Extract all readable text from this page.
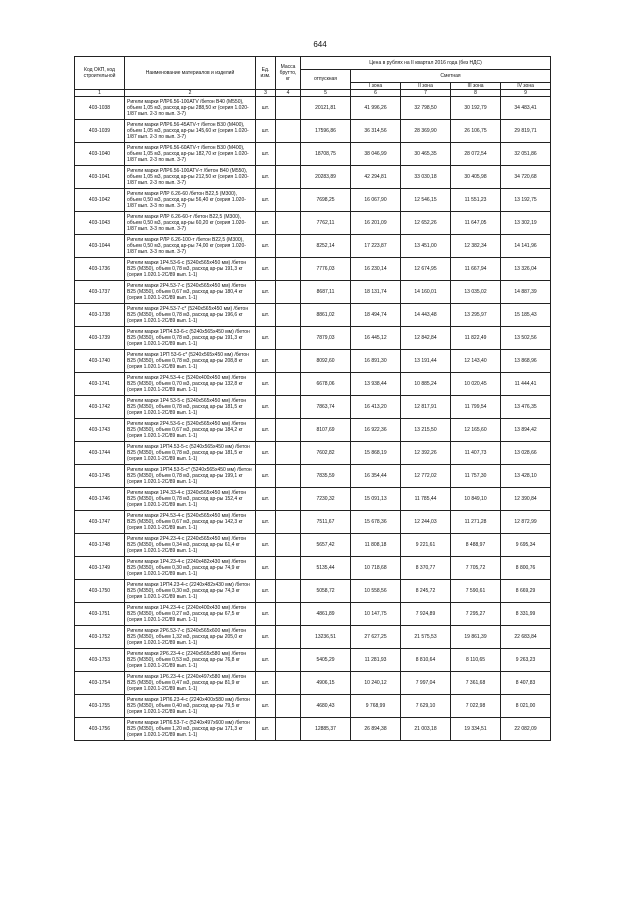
644
Код ОКП, код строительной	Наименование материалов и изделий	Ед. изм.	Масса брутто, кг	Цена в рублях на II квартал 2016 года (без НДС)				
				отпускная	Сметная			
					I зона	II зона	III зона	IV зона
1	2	3	4	5	6	7	8	9
403-1038	Ригели марки РЛР6.56-100АТV /бетон В40 (М550), объем 1,05 м3, расход ар-ры 288,50 кг (серия 1.020-1/87 вып. 2-3 по вып. 3-7)	шт.		20121,81	41 996,26	32 798,50	30 192,79	34 483,41
403-1039	Ригели марки РЛР6.56-45АТV-т /бетон В30 (М400), объем 1,05 м3, расход ар-ры 145,60 кг (серия 1.020-1/87 вып. 2-3 по вып. 3-7)	шт.		17596,86	36 314,56	28 369,90	26 106,75	29 819,71
403-1040	Ригели марки РЛР6.56-60АТV-т /бетон В30 (М400), объем 1,05 м3, расход ар-ры 182,70 кг (серия 1.020-1/87 вып. 2-3 по вып. 3-7)	шт.		18708,75	38 046,99	30 465,35	28 072,54	32 051,86
403-1041	Ригели марки РЛР6.56-100АТV-т /бетон В40 (М550), объем 1,05 м3, расход ар-ры 212,50 кг (серия 1.020-1/87 вып. 2-3 по вып. 3-7)	шт.		20283,89	42 294,81	33 030,18	30 405,98	34 720,68
403-1042	Ригели марки РЛР 6.26-60 /бетон В22,5 (М300), объем 0,50 м3, расход ар-ры 56,40 кг (серия 1.020-1/87 вып. 3-3 по вып. 3-7)	шт.		7698,25	16 067,90	12 546,15	11 551,23	13 192,75
403-1043	Ригели марки РЛР 6.26-60-т /бетон В22,5 (М300), объем 0,50 м3, расход ар-ры 60,20 кг (серия 1.020-1/87 вып. 3-3 по вып. 3-7)	шт.		7762,11	16 201,09	12 652,26	11 647,05	13 302,19
403-1044	Ригели марки РЛР 6.26-100-т /бетон В22,5 (М300), объем 0,50 м3, расход ар-ры 74,00 кг (серия 1.020-1/87 вып. 3-3 по вып. 3-7)	шт.		8252,14	17 223,87	13 451,00	12 382,34	14 141,96
403-1736	Ригели марки 1Р4.53-6-с (5240х565х450 мм) /бетон В25 (М350), объем 0,78 м3, расход ар-ры 191,3 кг (серия 1.020.1-2С/89 вып. 1-1)	шт.		7776,03	16 230,14	12 674,95	11 667,94	13 326,04
403-1737	Ригели марки 2Р4.53-7-с (5240х565х450 мм) /бетон В25 (М350), объем 0,67 м3, расход ар-ры 180,4 кг (серия 1.020.1-2С/89 вып. 1-1)	шт.		8687,11	18 131,74	14 160,01	13 035,02	14 887,39
403-1738	Ригели марки 2Р4.53-7-с* (5240х565х450 мм) /бетон В25 (М350), объем 0,78 м3, расход ар-ры 196,6 кг (серия 1.020.1-2С/89 вып. 1-1)	шт.		8861,02	18 494,74	14 443,48	13 295,97	15 185,43
403-1739	Ригели марки 1РП4.53-6-с (5240х565х450 мм) /бетон В25 (М350), объем 0,78 м3, расход ар-ры 191,3 кг (серия 1.020.1-2С/89 вып. 1-1)	шт.		7879,03	16 445,12	12 842,84	11 822,49	13 502,56
403-1740	Ригели марки 1РП 53-6-с* (5240х565х450 мм) /бетон В25 (М350), объем 0,78 м3, расход ар-ры 208,8 кг (серия 1.020.1-2С/89 вып. 1-1)	шт.		8092,60	16 891,30	13 191,44	12 143,40	13 868,96
403-1741	Ригели марки 2Р4.53-4-с (5240х400х450 мм) /бетон В25 (М350), объем 0,70 м3, расход ар-ры 132,8 кг (серия 1.020.1-2С/89 вып. 1-1)	шт.		6678,06	13 938,44	10 885,24	10 020,45	11 444,41
403-1742	Ригели марки 1Р4 53-5-с (5240х565х450 мм) /бетон В25 (М350), объем 0,78 м3, расход ар-ры 181,5 кг (серия 1.020.1-2С/89 вып. 1-1)	шт.		7863,74	16 413,20	12 817,91	11 799,54	13 476,35
403-1743	Ригели марки 2Р4.53-6-с (5240х565х450 мм) /бетон В25 (М350), объем 0,67 м3, расход ар-ры 184,2 кг (серия 1.020.1-2С/89 вып. 1-1)	шт.		8107,69	16 922,36	13 215,50	12 165,60	13 894,42
403-1744	Ригели марки 1РП4.53-5-с (5240х565х450 мм) /бетон В25 (М350), объем 0,78 м3, расход ар-ры 181,5 кг (серия 1.020.1-2С/89 вып. 1-1)	шт.		7602,82	15 868,19	12 392,26	11 407,73	13 028,66
403-1745	Ригели марки 1РП4.53-5-с* (5240х565х450 мм) /бетон В25 (М350), объем 0,78 м3, расход ар-ры 199,1 кг (серия 1.020.1-2С/89 вып. 1-1)	шт.		7835,59	16 354,44	12 772,02	11 757,30	13 428,10
403-1746	Ригели марки 1Р4.33-4-с (3240х565х450 мм) /бетон В25 (М350), объем 0,78 м3, расход ар-ры 152,4 кг (серия 1.020.1-2С/89 вып. 1-1)	шт.		7230,32	15 091,13	11 785,44	10 849,10	12 390,84
403-1747	Ригели марки 2Р4.53-4-с (5240х565х450 мм) /бетон В25 (М350), объем 0,67 м3, расход ар-ры 142,3 кг (серия 1.020.1-2С/89 вып. 1-1)	шт.		7511,67	15 678,36	12 244,03	11 271,28	12 872,99
403-1748	Ригели марки 2Р4.23-4-с (2240х565х450 мм) /бетон В25 (М350), объем 0,34 м3, расход ар-ры 61,4 кг (серия 1.020.1-2С/89 вып. 1-1)	шт.		5657,42	11 808,18	9 221,61	8 488,97	9 695,34
403-1749	Ригели марки 1Р4.23-4-с (2240х482х430 мм) /бетон В25 (М350), объем 0,30 м3, расход ар-ры 74,9 кг (серия 1.020.1-2С/89 вып. 1-1)	шт.		5135,44	10 718,68	8 370,77	7 705,72	8 800,76
403-1750	Ригели марки 1РП4.23-4-с (2240х482х430 мм) /бетон В25 (М350), объем 0,30 м3, расход ар-ры 74,3 кг (серия 1.020.1-2С/89 вып. 1-1)	шт.		5058,72	10 558,56	8 245,72	7 590,61	8 669,29
403-1751	Ригели марки 1Р4.23-4-с (2240х400х430 мм) /бетон В25 (М350), объем 0,27 м3, расход ар-ры 67,5 кг (серия 1.020.1-2С/89 вып. 1-1)	шт.		4861,89	10 147,75	7 924,89	7 295,27	8 331,99
403-1752	Ригели марки 2Р6.53-7-с (5240х565х600 мм) /бетон В25 (М350), объем 1,32 м3, расход ар-ры 205,0 кг (серия 1.020.1-2С/89 вып. 1-1)	шт.		13236,51	27 627,25	21 575,53	19 861,39	22 683,84
403-1753	Ригели марки 2Р6.23-4-с (2240х565х580 мм) /бетон В25 (М350), объем 0,53 м3, расход ар-ры 76,8 кг (серия 1.020.1-2С/89 вып. 1-1)	шт.		5405,29	11 281,93	8 810,64	8 110,65	9 263,23
403-1754	Ригели марки 1Р6.23-4-с (2240х497х580 мм) /бетон В25 (М350), объем 0,47 м3, расход ар-ры 81,9 кг (серия 1.020.1-2С/89 вып. 1-1)	шт.		4906,15	10 240,12	7 997,04	7 361,68	8 407,83
403-1755	Ригели марки 1РП6.23-4-с (2240х400х580 мм) /бетон В25 (М350), объем 0,40 м3, расход ар-ры 79,5 кг (серия 1.020.1-2С/89 вып. 1-1)	шт.		4680,43	9 768,99	7 629,10	7 022,98	8 021,00
403-1756	Ригели марки 1РП6.53-7-с (5240х497х600 мм) /бетон В25 (М350), объем 1,20 м3, расход ар-ры 171,3 кг (серия 1.020.1-2С/89 вып. 1-1)	шт.		12885,37	26 894,38	21 003,18	19 334,51	22 082,09
